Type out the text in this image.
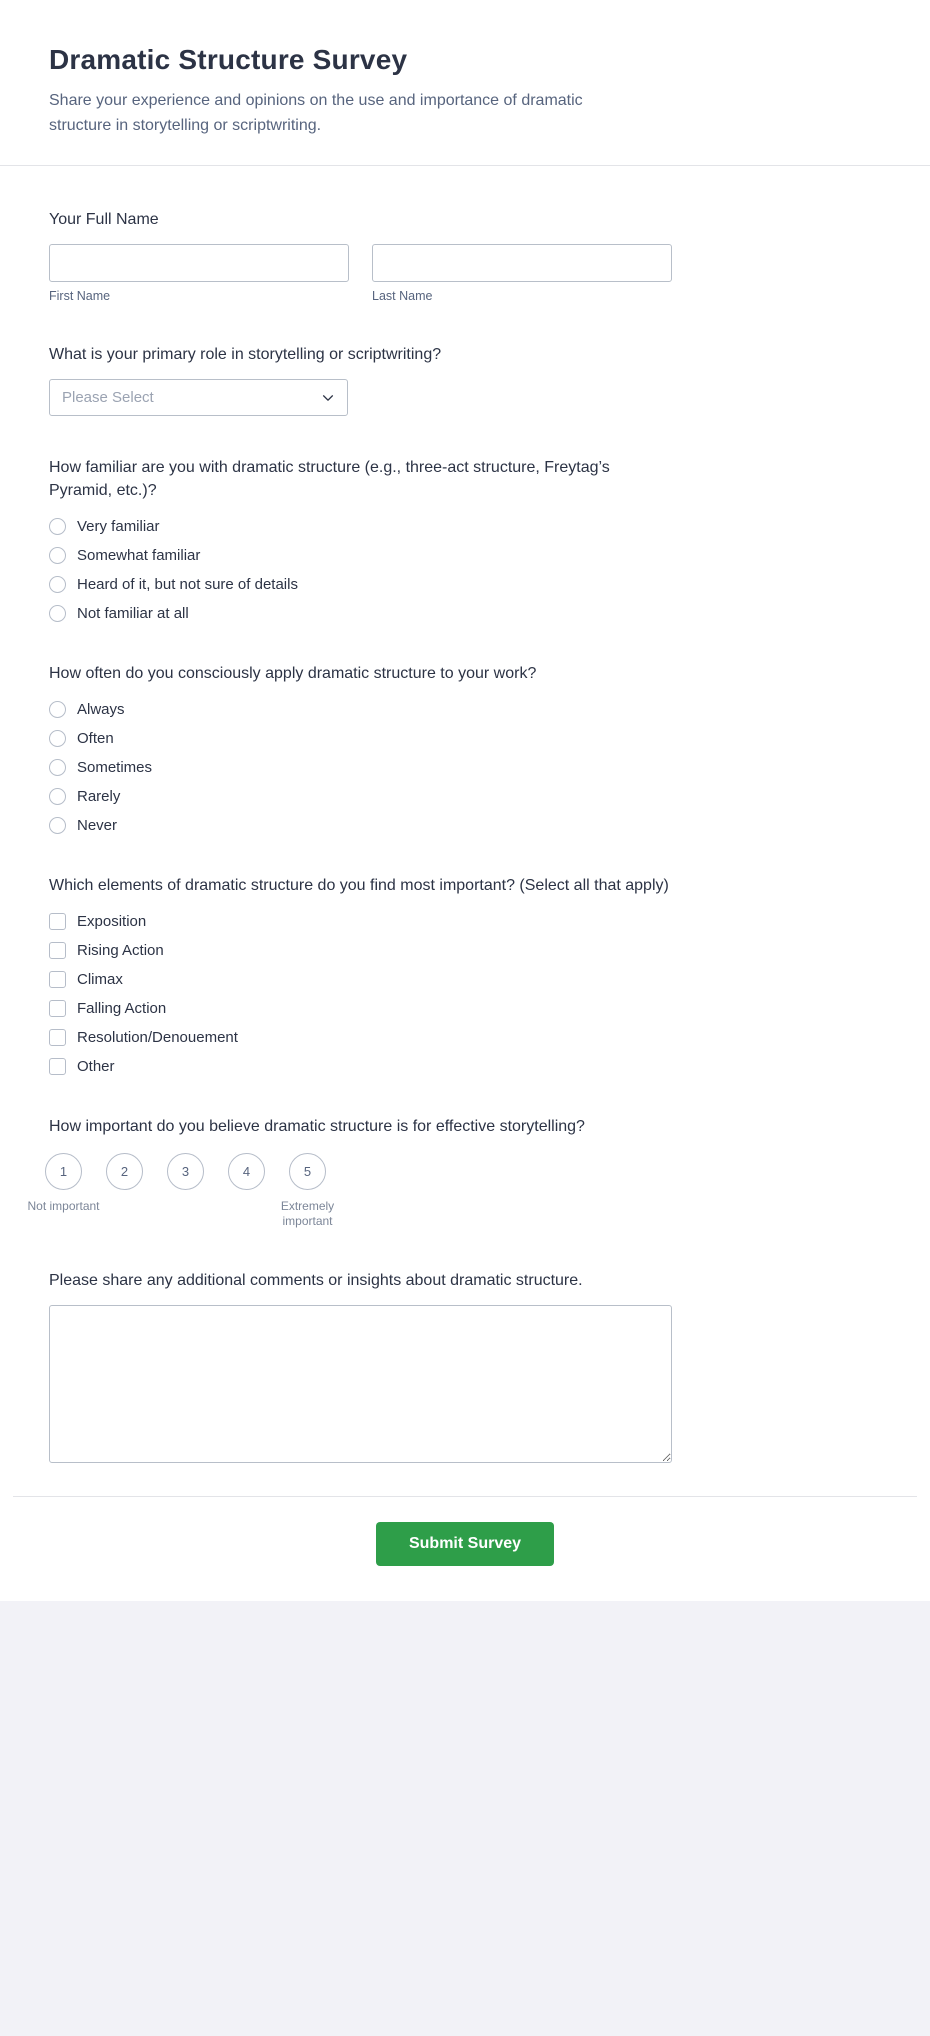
Dramatic Structure Survey

Share your experience and opinions on the use and importance of dramatic structure in storytelling or scriptwriting.

Your Full Name
First Name	Last Name
What is your primary role in storytelling or scriptwriting?
Please Select
How familiar are you with dramatic structure (e.g., three-act structure, Freytag’s Pyramid, etc.)?
Very familiar
Somewhat familiar
Heard of it, but not sure of details
Not familiar at all
How often do you consciously apply dramatic structure to your work?
Always
Often
Sometimes
Rarely
Never
Which elements of dramatic structure do you find most important? (Select all that apply)
Exposition
Rising Action
Climax
Falling Action
Resolution/Denouement
Other
How important do you believe dramatic structure is for effective storytelling?
1
Not important
2	3	4	5
Extremely important
Please share any additional comments or insights about dramatic structure.
Submit Survey
